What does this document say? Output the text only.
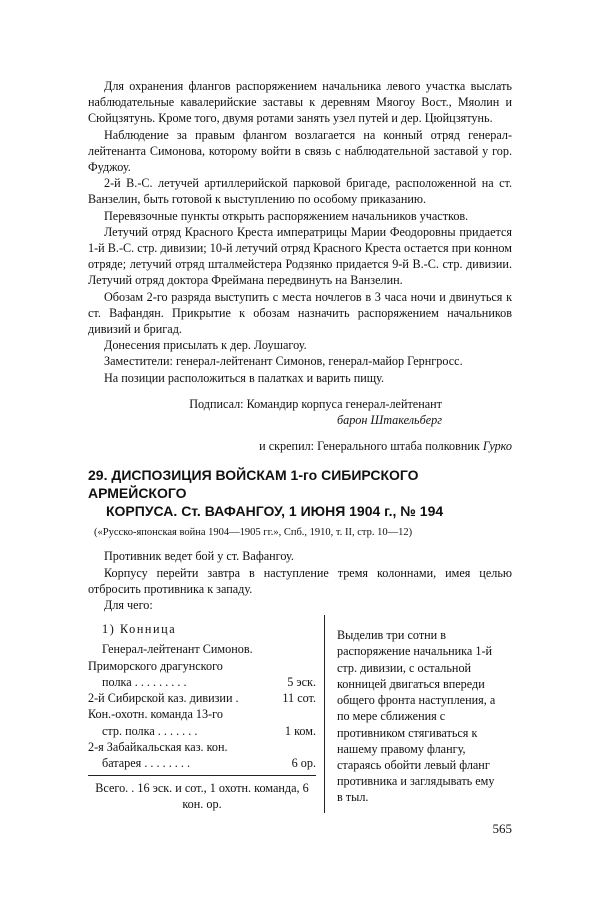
Для охранения флангов распоряжением начальника левого участка выслать наблюдательные кавалерийские заставы к деревням Мяогоу Вост., Мяолин и Сюйцзятунь. Кроме того, двумя ротами занять узел путей и дер. Цюйцзятунь.

Наблюдение за правым флангом возлагается на конный отряд генерал-лейтенанта Симонова, которому войти в связь с наблюдательной заставой у гор. Фуджоу.

2-й В.-С. летучей артиллерийской парковой бригаде, расположенной на ст. Ванзелин, быть готовой к выступлению по особому приказанию.

Перевязочные пункты открыть распоряжением начальников участков.

Летучий отряд Красного Креста императрицы Марии Феодоровны придается 1-й В.-С. стр. дивизии; 10-й летучий отряд Красного Креста остается при конном отряде; летучий отряд шталмейстера Родзянко придается 9-й В.-С. стр. дивизии. Летучий отряд доктора Фреймана передвинуть на Ванзелин.

Обозам 2-го разряда выступить с места ночлегов в 3 часа ночи и двинуться к ст. Вафандян. Прикрытие к обозам назначить распоряжением начальников дивизий и бригад.

Донесения присылать к дер. Лоушагоу.

Заместители: генерал-лейтенант Симонов, генерал-майор Гернгросс.

На позиции расположиться в палатках и варить пищу.

Подписал: Командир корпуса генерал-лейтенант

барон Штакельберг

и скрепил: Генерального штаба полковник Гурко

29. ДИСПОЗИЦИЯ ВОЙСКАМ 1-го СИБИРСКОГО АРМЕЙСКОГО
КОРПУСА. Ст. ВАФАНГОУ, 1 ИЮНЯ 1904 г., № 194

(«Русско-японская война 1904—1905 гг.», Спб., 1910, т. II, стр. 10—12)

Противник ведет бой у ст. Вафангоу.

Корпусу перейти завтра в наступление тремя колоннами, имея целью отбросить противника к западу.

Для чего:

1) Конница
Генерал-лейтенант Симонов.
Приморского драгунского
полка . . . . . . . . .	5 эск.
2-й Сибирской каз. дивизии .	11 сот.
Кон.-охотн. команда 13-го
стр. полка . . . . . . .	1 ком.
2-я Забайкальская каз. кон.
батарея . . . . . . . .	6 ор.
Всего. . 16 эск. и сот., 1 охотн. команда, 6 кон. ор.
Выделив три сотни в распоряжение начальника 1-й стр. дивизии, с остальной конницей двигаться впереди общего фронта наступления, а по мере сближения с противником стягиваться к нашему правому флангу, стараясь обойти левый фланг противника и заглядывать ему в тыл.
565
